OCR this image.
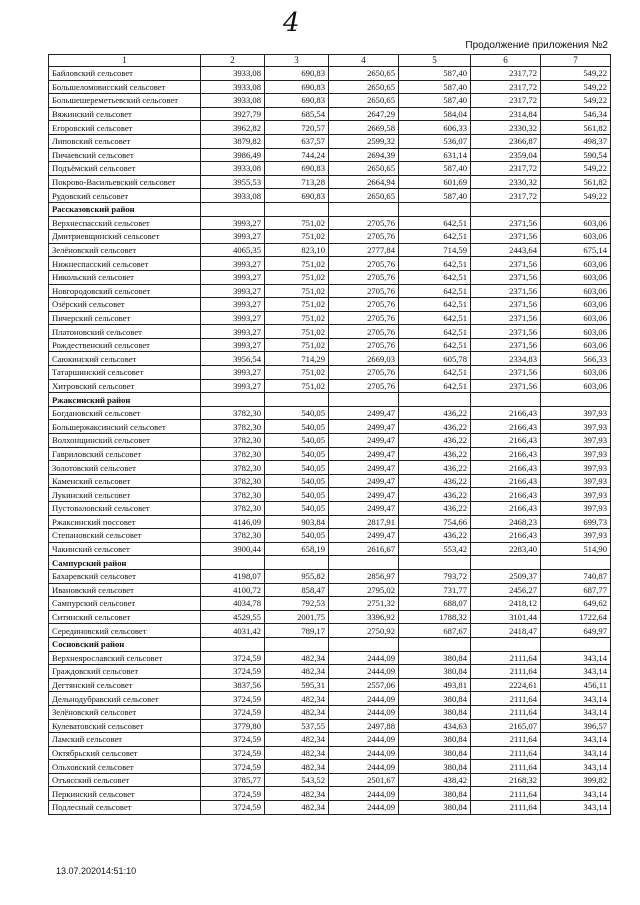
4
Продолжение приложения №2
1	2	3	4	5	6	7
Байловский сельсовет	3933,08	690,83	2650,65	587,40	2317,72	549,22
Большеломовисский сельсовет	3933,08	690,83	2650,65	587,40	2317,72	549,22
Большешереметьевский сельсовет	3933,08	690,83	2650,65	587,40	2317,72	549,22
Вяжинский сельсовет	3927,79	685,54	2647,29	584,04	2314,84	546,34
Егоровский сельсовет	3962,82	720,57	2669,58	606,33	2330,32	561,82
Липовский сельсовет	3879,82	637,57	2599,32	536,07	2366,87	498,37
Пичаевский сельсовет	3986,49	744,24	2694,39	631,14	2359,04	590,54
Подъёмский сельсовет	3933,08	690,83	2650,65	587,40	2317,72	549,22
Покрово-Васильевский сельсовет	3955,53	713,28	2664,94	601,69	2330,32	561,82
Рудовский сельсовет	3933,08	690,83	2650,65	587,40	2317,72	549,22
Рассказовский район						
Верхнеспасский сельсовет	3993,27	751,02	2705,76	642,51	2371,56	603,06
Дмитриевщинский сельсовет	3993,27	751,02	2705,76	642,51	2371,56	603,06
Зелёновский сельсовет	4065,35	823,10	2777,84	714,59	2443,64	675,14
Нижнеспасский сельсовет	3993,27	751,02	2705,76	642,51	2371,56	603,06
Никольский сельсовет	3993,27	751,02	2705,76	642,51	2371,56	603,06
Новгородовский сельсовет	3993,27	751,02	2705,76	642,51	2371,56	603,06
Озёрский сельсовет	3993,27	751,02	2705,76	642,51	2371,56	603,06
Пичерский сельсовет	3993,27	751,02	2705,76	642,51	2371,56	603,06
Платоновский сельсовет	3993,27	751,02	2705,76	642,51	2371,56	603,06
Рождественский сельсовет	3993,27	751,02	2705,76	642,51	2371,56	603,06
Саюкинский сельсовет	3956,54	714,29	2669,03	605,78	2334,83	566,33
Татаршинский сельсовет	3993,27	751,02	2705,76	642,51	2371,56	603,06
Хитровский сельсовет	3993,27	751,02	2705,76	642,51	2371,56	603,06
Ржаксинский район						
Богдановский сельсовет	3782,30	540,05	2499,47	436,22	2166,43	397,93
Большержаксинский сельсовет	3782,30	540,05	2499,47	436,22	2166,43	397,93
Волхонщинский сельсовет	3782,30	540,05	2499,47	436,22	2166,43	397,93
Гавриловский сельсовет	3782,30	540,05	2499,47	436,22	2166,43	397,93
Золотовский сельсовет	3782,30	540,05	2499,47	436,22	2166,43	397,93
Каменский сельсовет	3782,30	540,05	2499,47	436,22	2166,43	397,93
Лукинский сельсовет	3782,30	540,05	2499,47	436,22	2166,43	397,93
Пустоваловский сельсовет	3782,30	540,05	2499,47	436,22	2166,43	397,93
Ржаксинский поссовет	4146,09	903,84	2817,91	754,66	2468,23	699,73
Степановский сельсовет	3782,30	540,05	2499,47	436,22	2166,43	397,93
Чакинский сельсовет	3900,44	658,19	2616,67	553,42	2283,40	514,90
Сампурский район						
Бахаревский сельсовет	4198,07	955,82	2856,97	793,72	2509,37	740,87
Ивановский сельсовет	4100,72	858,47	2795,02	731,77	2456,27	687,77
Сампурский сельсовет	4034,78	792,53	2751,32	688,07	2418,12	649,62
Ситинский сельсовет	4529,55	2001,75	3396,92	1788,32	3101,44	1722,64
Серединовский сельсовет	4031,42	789,17	2750,92	687,67	2418,47	649,97
Сосновский район						
Верхнеярославский сельсовет	3724,59	482,34	2444,09	380,84	2111,64	343,14
Граждовский сельсовет	3724,59	482,34	2444,09	380,84	2111,64	343,14
Дегтянский сельсовет	3837,56	595,31	2557,06	493,81	2224,61	456,11
Дельнодубравский сельсовет	3724,59	482,34	2444,09	380,84	2111,64	343,14
Зелёновский сельсовет	3724,59	482,34	2444,09	380,84	2111,64	343,14
Кулеватовский сельсовет	3779,80	537,55	2497,88	434,63	2165,07	396,57
Ламский сельсовет	3724,59	482,34	2444,09	380,84	2111,64	343,14
Октябрьский сельсовет	3724,59	482,34	2444,09	380,84	2111,64	343,14
Ольховский сельсовет	3724,59	482,34	2444,09	380,84	2111,64	343,14
Отъясский сельсовет	3785,77	543,52	2501,67	438,42	2168,32	399,82
Перкинский сельсовет	3724,59	482,34	2444,09	380,84	2111,64	343,14
Подлесный сельсовет	3724,59	482,34	2444,09	380,84	2111,64	343,14
13.07.202014:51:10
